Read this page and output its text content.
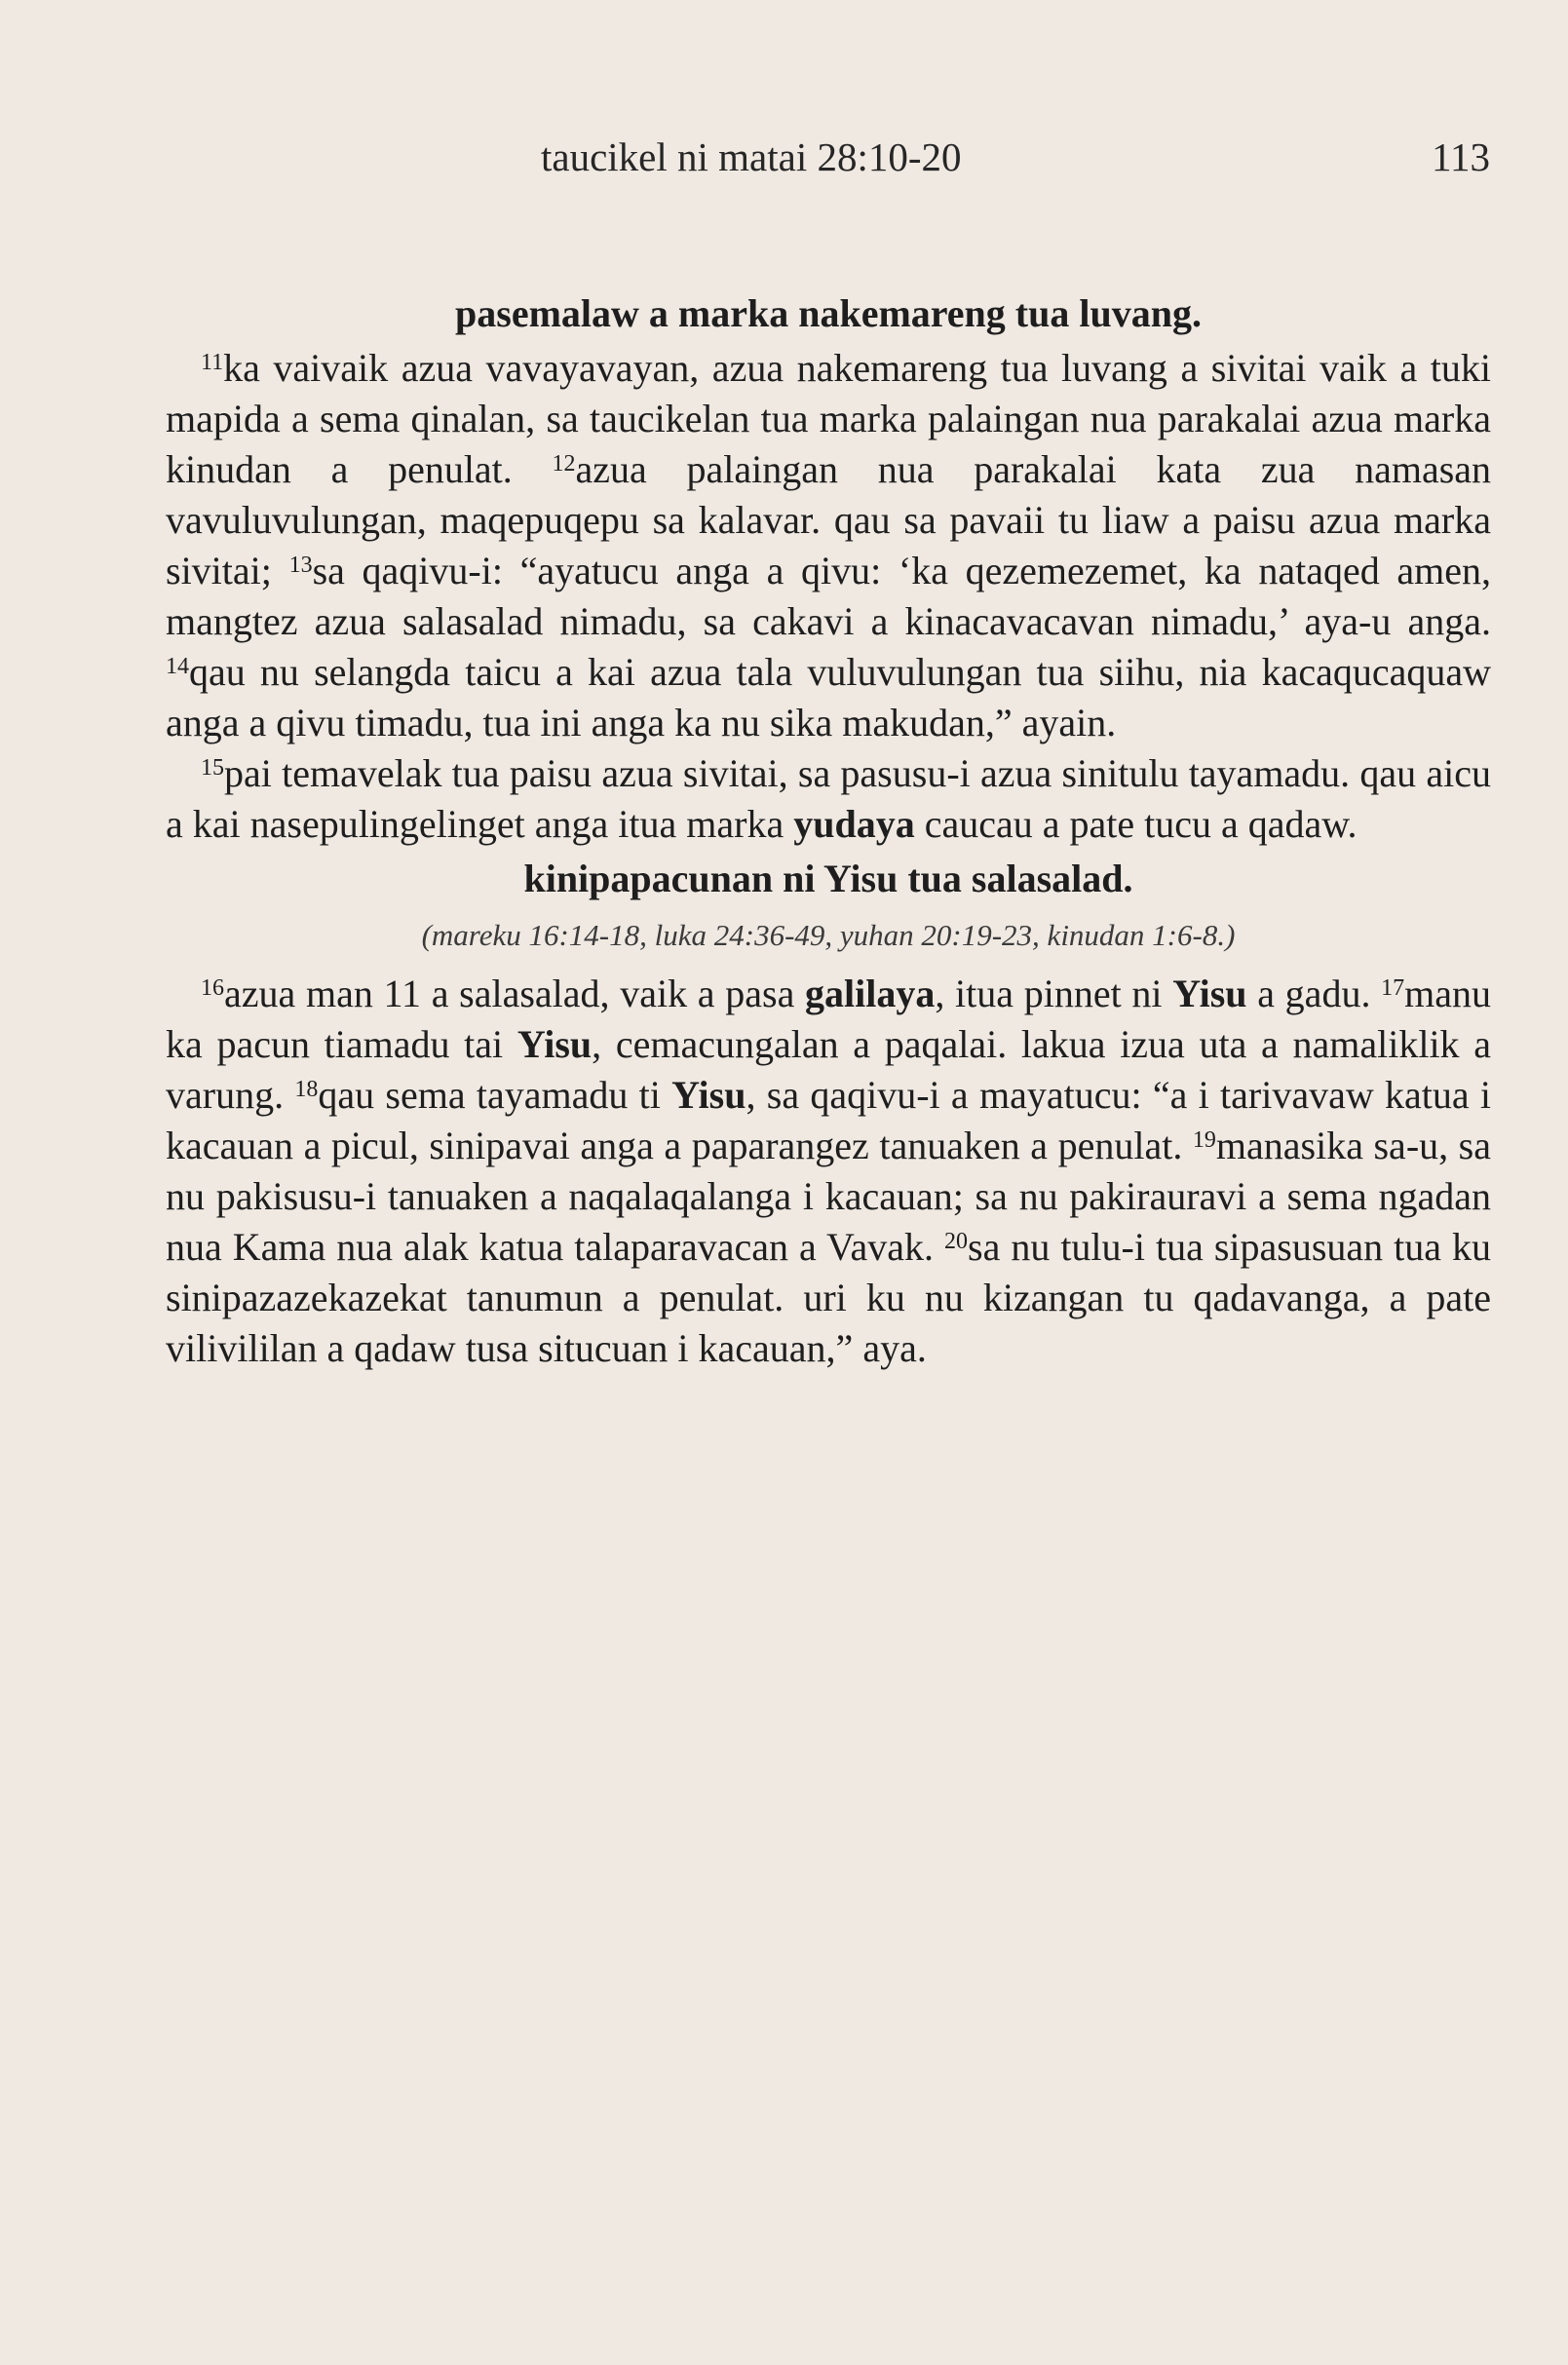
taucikel ni matai 28:10-20	113
pasemalaw a marka nakemareng tua luvang.

$^{11}$ka vaivaik azua vavayavayan, azua nakemareng tua luvang a sivitai vaik a tuki mapida a sema qinalan, sa taucikelan tua marka palaingan nua parakalai azua marka kinudan a penulat. $^{12}$azua palaingan nua parakalai kata zua namasan vavuluvulungan, maqepuqepu sa kalavar. qau sa pavaii tu liaw a paisu azua marka sivitai; $^{13}$sa qaqivu-i: “ayatucu anga a qivu: ‘ka qezemezemet, ka nataqed amen, mangtez azua salasalad nimadu, sa cakavi a kinacavacavan nimadu,’ aya-u anga. $^{14}$qau nu selangda taicu a kai azua tala vuluvulungan tua siihu, nia kacaqucaquaw anga a qivu timadu, tua ini anga ka nu sika makudan,” ayain.

$^{15}$pai temavelak tua paisu azua sivitai, sa pasusu-i azua sinitulu tayamadu. qau aicu a kai nasepulingelinget anga itua marka yudaya caucau a pate tucu a qadaw.

kinipapacunan ni Yisu tua salasalad.
(mareku 16:14-18, luka 24:36-49, yuhan 20:19-23, kinudan 1:6-8.)

$^{16}$azua man 11 a salasalad, vaik a pasa galilaya, itua pinnet ni Yisu a gadu. $^{17}$manu ka pacun tiamadu tai Yisu, cemacungalan a paqalai. lakua izua uta a namaliklik a varung. $^{18}$qau sema tayamadu ti Yisu, sa qaqivu-i a mayatucu: “a i tarivavaw katua i kacauan a picul, sinipavai anga a paparangez tanuaken a penulat. $^{19}$manasika sa-u, sa nu pakisusu-i tanuaken a naqalaqalanga i kacauan; sa nu pakirauravi a sema ngadan nua Kama nua alak katua talaparavacan a Vavak. $^{20}$sa nu tulu-i tua sipasusuan tua ku sinipazazekazekat tanumun a penulat. uri ku nu kizangan tu qadavanga, a pate vilivililan a qadaw tusa situcuan i kacauan,” aya.
